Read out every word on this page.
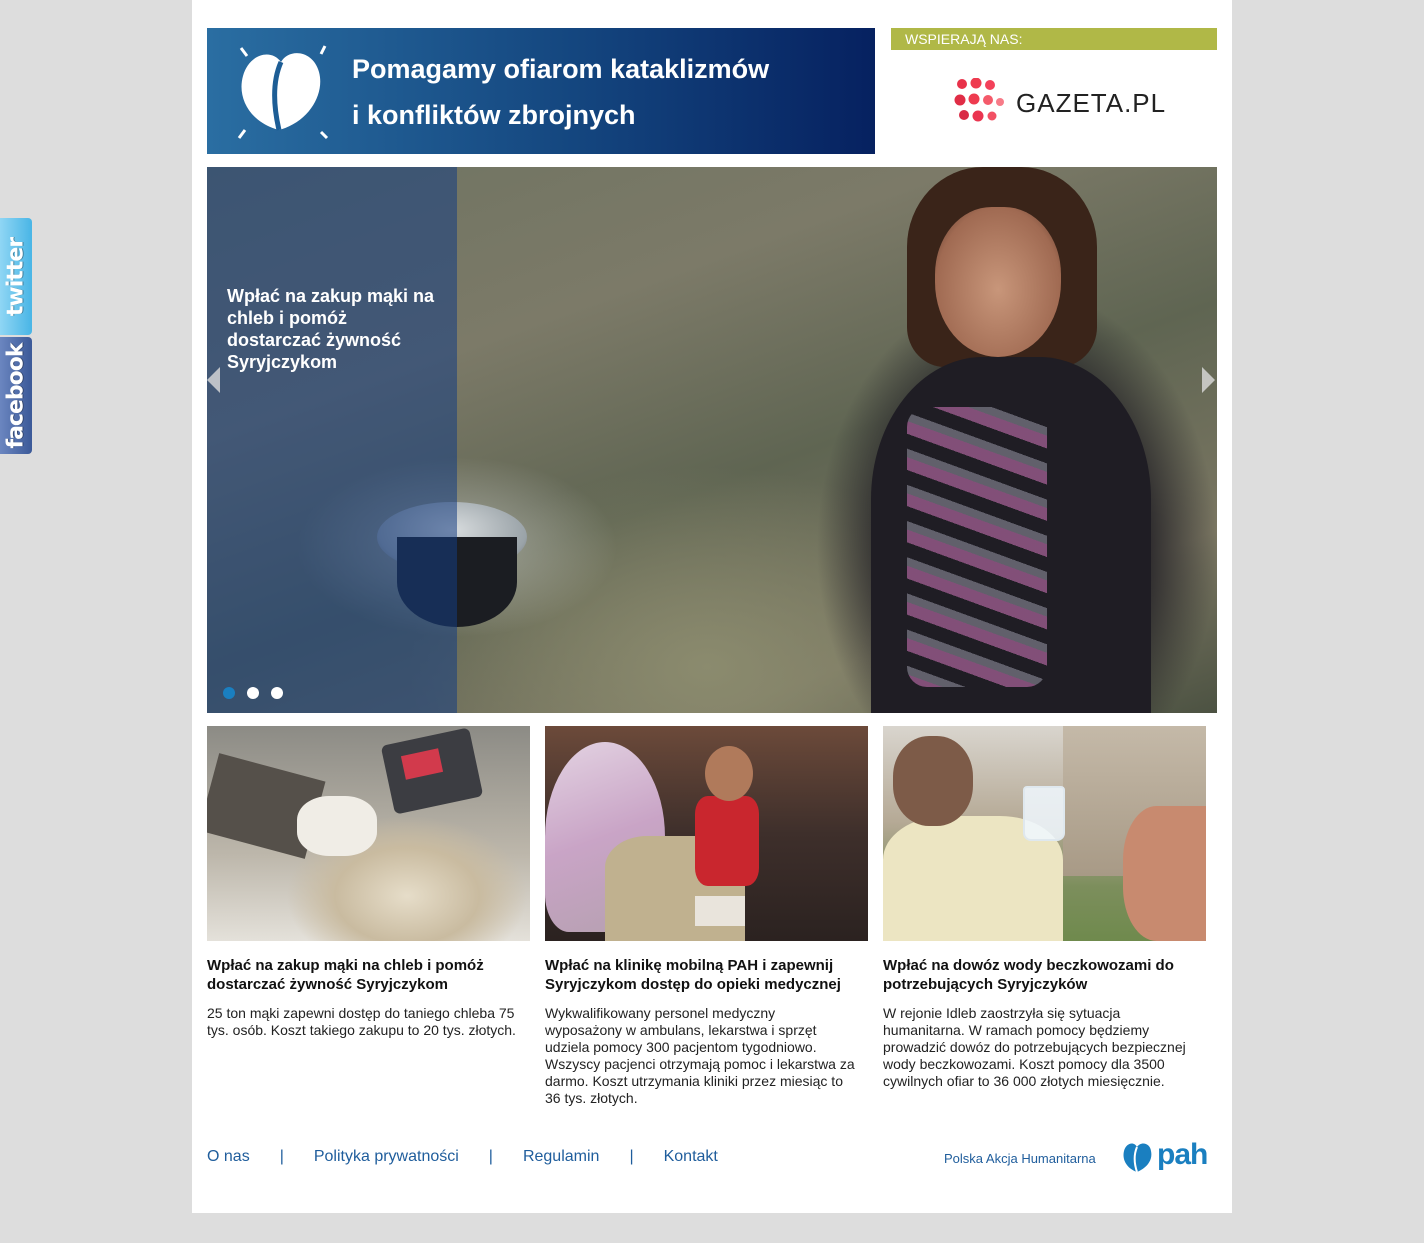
twitter
facebook
Pomagamy ofiarom kataklizmów
i konfliktów zbrojnych
WSPIERAJĄ NAS:
GAZETA.PL
Wpłać na zakup mąki na chleb i pomóż dostarczać żywność Syryjczykom
Wpłać na zakup mąki na chleb i pomóż dostarczać żywność Syryjczykom

25 ton mąki zapewni dostęp do taniego chleba 75 tys. osób. Koszt takiego zakupu to 20 tys. złotych.

Wpłać na klinikę mobilną PAH i zapewnij Syryjczykom dostęp do opieki medycznej

Wykwalifikowany personel medyczny wyposażony w ambulans, lekarstwa i sprzęt udziela pomocy 300 pacjentom tygodniowo. Wszyscy pacjenci otrzymają pomoc i lekarstwa za darmo. Koszt utrzymania kliniki przez miesiąc to 36 tys. złotych.

Wpłać na dowóz wody beczkowozami do potrzebujących Syryjczyków

W rejonie Idleb zaostrzyła się sytuacja humanitarna. W ramach pomocy będziemy prowadzić dowóz do potrzebujących bezpiecznej wody beczkowozami. Koszt pomocy dla 3500 cywilnych ofiar to 36 000 złotych miesięcznie.

O nas | Polityka prywatności | Regulamin | Kontakt	Polska Akcja Humanitarna pah
